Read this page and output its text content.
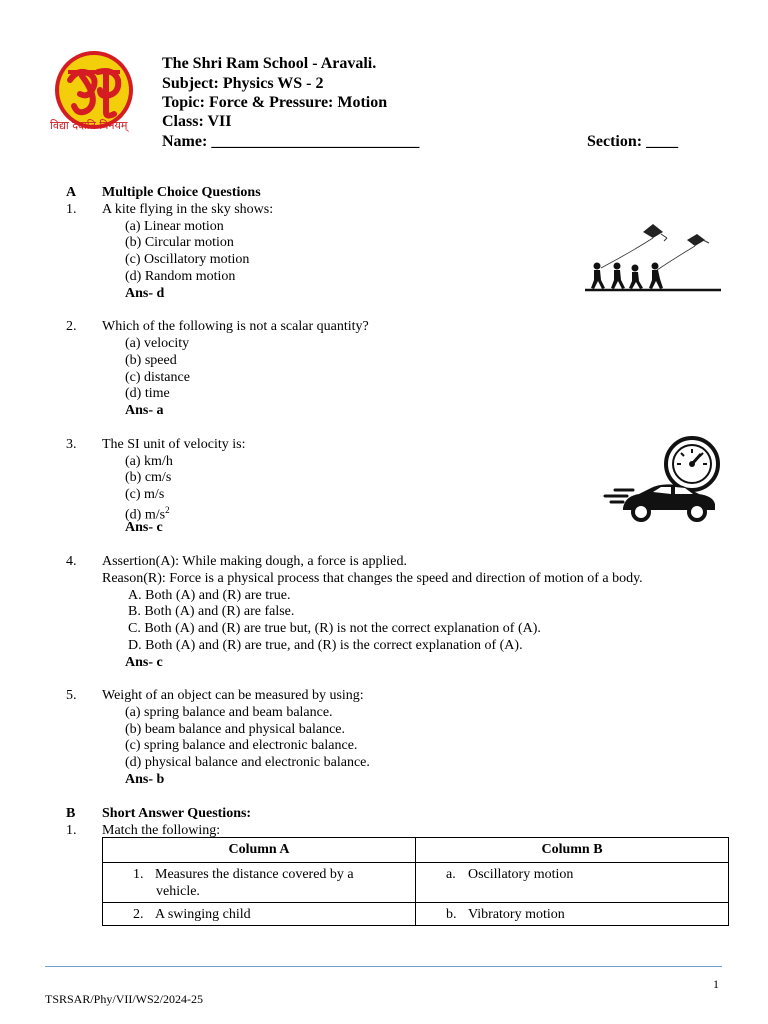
विद्या ददाति विनयम्
The Shri Ram School - Aravali.
Subject: Physics WS - 2
Topic: Force & Pressure: Motion
Class: VII
Name: __________________________	Section: ____
A Multiple Choice Questions
1. A kite flying in the sky shows:
(a) Linear motion
(b) Circular motion
(c) Oscillatory motion
(d) Random motion
Ans- d
2. Which of the following is not a scalar quantity?
(a) velocity
(b) speed
(c) distance
(d) time
Ans- a
3. The SI unit of velocity is:
(a) km/h
(b) cm/s
(c) m/s
(d) $m/s^2$
Ans- c
4. Assertion(A): While making dough, a force is applied.
Reason(R): Force is a physical process that changes the speed and direction of motion of a body.
A. Both (A) and (R) are true.
B. Both (A) and (R) are false.
C. Both (A) and (R) are true but, (R) is not the correct explanation of (A).
D. Both (A) and (R) are true, and (R) is the correct explanation of (A).
Ans- c
5. Weight of an object can be measured by using:
(a) spring balance and beam balance.
(b) beam balance and physical balance.
(c) spring balance and electronic balance.
(d) physical balance and electronic balance.
Ans- b
B Short Answer Questions:
1. Match the following:
Column A	Column B

1. Measures the distance covered by a
vehicle.	a. Oscillatory motion
2. A swinging child	b. Vibratory motion
1
TSRSAR/Phy/VII/WS2/2024-25
